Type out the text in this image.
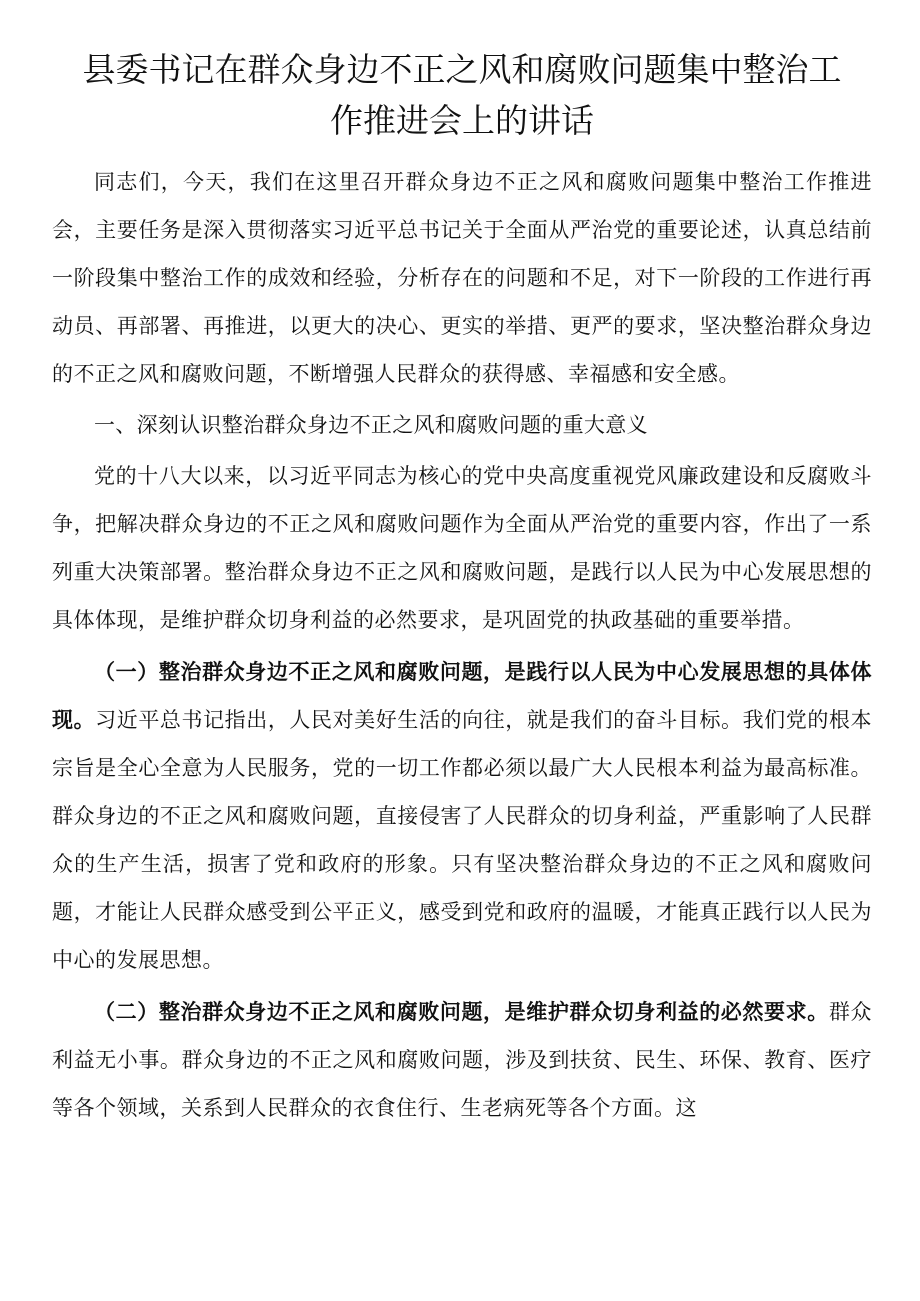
县委书记在群众身边不正之风和腐败问题集中整治工
作推进会上的讲话

同志们，今天，我们在这里召开群众身边不正之风和腐败问题集中整治工作推进会，主要任务是深入贯彻落实习近平总书记关于全面从严治党的重要论述，认真总结前一阶段集中整治工作的成效和经验，分析存在的问题和不足，对下一阶段的工作进行再动员、再部署、再推进，以更大的决心、更实的举措、更严的要求，坚决整治群众身边的不正之风和腐败问题，不断增强人民群众的获得感、幸福感和安全感。

一、深刻认识整治群众身边不正之风和腐败问题的重大意义

党的十八大以来，以习近平同志为核心的党中央高度重视党风廉政建设和反腐败斗争，把解决群众身边的不正之风和腐败问题作为全面从严治党的重要内容，作出了一系列重大决策部署。整治群众身边不正之风和腐败问题，是践行以人民为中心发展思想的具体体现，是维护群众切身利益的必然要求，是巩固党的执政基础的重要举措。

（一）整治群众身边不正之风和腐败问题，是践行以人民为中心发展思想的具体体现。习近平总书记指出，人民对美好生活的向往，就是我们的奋斗目标。我们党的根本宗旨是全心全意为人民服务，党的一切工作都必须以最广大人民根本利益为最高标准。群众身边的不正之风和腐败问题，直接侵害了人民群众的切身利益，严重影响了人民群众的生产生活，损害了党和政府的形象。只有坚决整治群众身边的不正之风和腐败问题，才能让人民群众感受到公平正义，感受到党和政府的温暖，才能真正践行以人民为中心的发展思想。

（二）整治群众身边不正之风和腐败问题，是维护群众切身利益的必然要求。群众利益无小事。群众身边的不正之风和腐败问题，涉及到扶贫、民生、环保、教育、医疗等各个领域，关系到人民群众的衣食住行、生老病死等各个方面。这
